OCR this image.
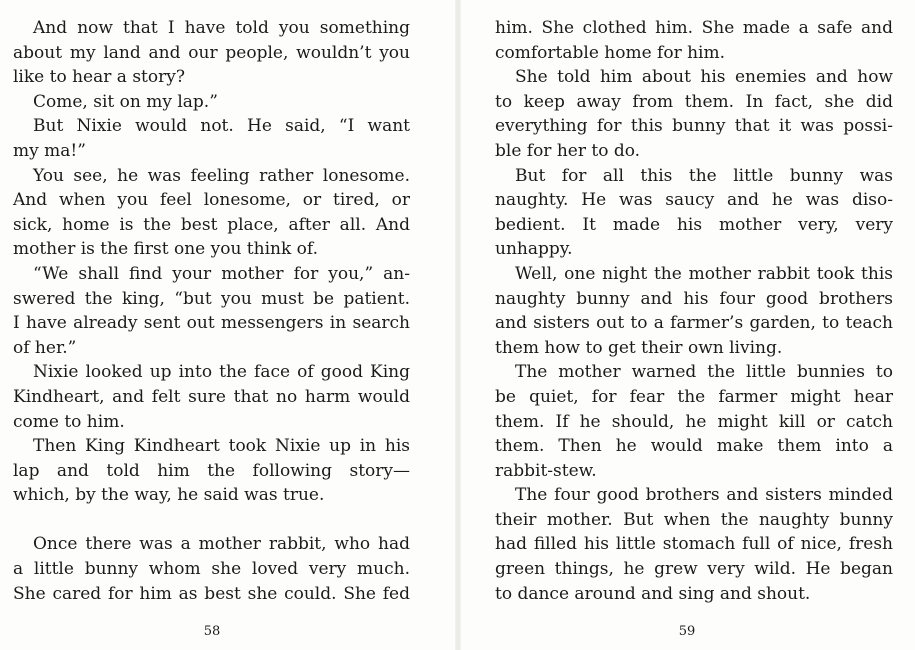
And now that I have told you something
about my land and our people, wouldn’t you
like to hear a story?
Come, sit on my lap.”
But Nixie would not. He said, “I want
my ma!”
You see, he was feeling rather lonesome.
And when you feel lonesome, or tired, or
sick, home is the best place, after all. And
mother is the first one you think of.
“We shall find your mother for you,” an-
swered the king, “but you must be patient.
I have already sent out messengers in search
of her.”
Nixie looked up into the face of good King
Kindheart, and felt sure that no harm would
come to him.
Then King Kindheart took Nixie up in his
lap and told him the following story—
which, by the way, he said was true.
Once there was a mother rabbit, who had
a little bunny whom she loved very much.
She cared for him as best she could. She fed
58
him. She clothed him. She made a safe and
comfortable home for him.
She told him about his enemies and how
to keep away from them. In fact, she did
everything for this bunny that it was possi-
ble for her to do.
But for all this the little bunny was
naughty. He was saucy and he was diso-
bedient. It made his mother very, very
unhappy.
Well, one night the mother rabbit took this
naughty bunny and his four good brothers
and sisters out to a farmer’s garden, to teach
them how to get their own living.
The mother warned the little bunnies to
be quiet, for fear the farmer might hear
them. If he should, he might kill or catch
them. Then he would make them into a
rabbit-stew.
The four good brothers and sisters minded
their mother. But when the naughty bunny
had filled his little stomach full of nice, fresh
green things, he grew very wild. He began
to dance around and sing and shout.
59
